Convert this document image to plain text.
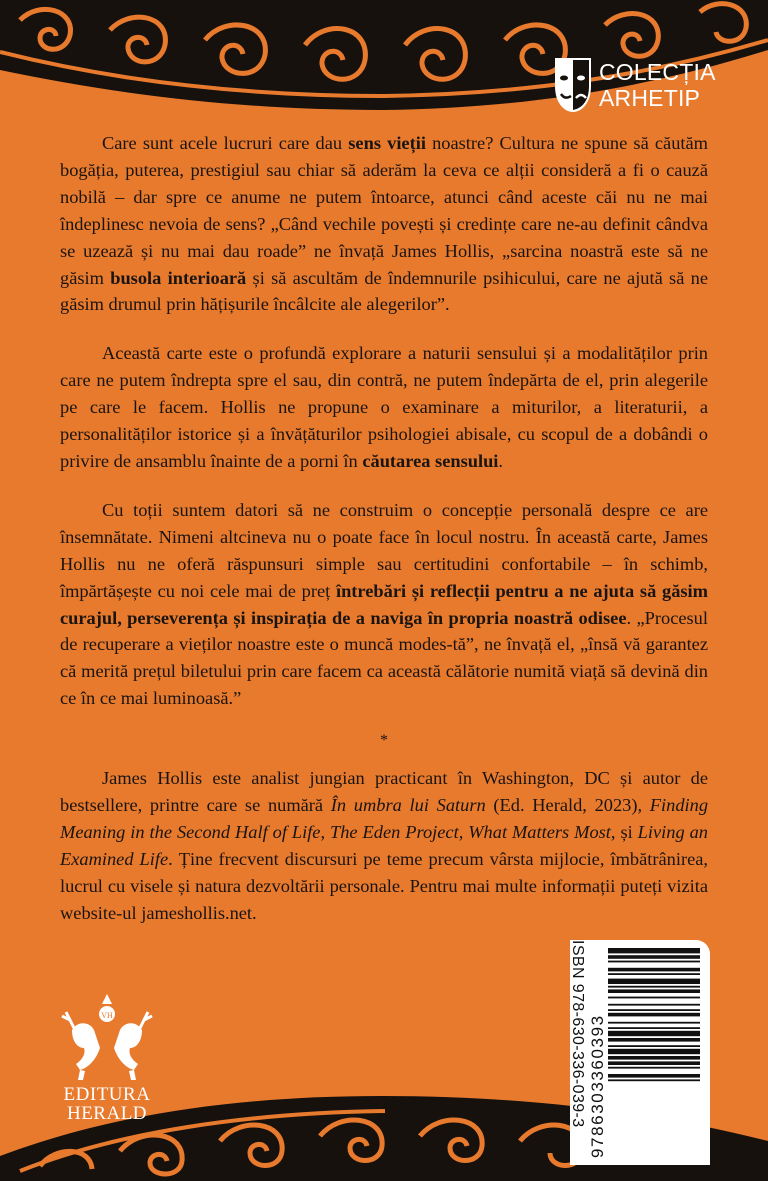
COLECȚIA
ARHETIP

Care sunt acele lucruri care dau sens vieții noastre? Cultura ne spune să căutăm bogăția, puterea, prestigiul sau chiar să aderăm la ceva ce alții consideră a fi o cauză nobilă – dar spre ce anume ne putem întoarce, atunci când aceste căi nu ne mai îndeplinesc nevoia de sens? „Când vechile povești și credințe care ne-au definit cândva se uzează și nu mai dau roade” ne învață James Hollis, „sarcina noastră este să ne găsim busola interioară și să ascultăm de îndemnurile psihicului, care ne ajută să ne găsim drumul prin hățișurile încâlcite ale alegerilor”.

Această carte este o profundă explorare a naturii sensului și a modalităților prin care ne putem îndrepta spre el sau, din contră, ne putem îndepărta de el, prin alegerile pe care le facem. Hollis ne propune o examinare a miturilor, a literaturii, a personalităților istorice și a învățăturilor psihologiei abisale, cu scopul de a dobândi o privire de ansamblu înainte de a porni în căutarea sensului.

Cu toții suntem datori să ne construim o concepție personală despre ce are însemnătate. Nimeni altcineva nu o poate face în locul nostru. În această carte, James Hollis nu ne oferă răspunsuri simple sau certitudini confortabile – în schimb, împărtășește cu noi cele mai de preț întrebări și reflecții pentru a ne ajuta să găsim curajul, perseverența și inspirația de a naviga în propria noastră odisee. „Procesul de recuperare a vieților noastre este o muncă modes-tă”, ne învață el, „însă vă garantez că merită prețul biletului prin care facem ca această călătorie numită viață să devină din ce în ce mai luminoasă.”

*

James Hollis este analist jungian practicant în Washington, DC și autor de bestsellere, printre care se numără În umbra lui Saturn (Ed. Herald, 2023), Finding Meaning in the Second Half of Life, The Eden Project, What Matters Most, și Living an Examined Life. Ține frecvent discursuri pe teme precum vârsta mijlocie, îmbătrânirea, lucrul cu visele și natura dezvoltării personale. Pentru mai multe informații puteți vizita website-ul jameshollis.net.

9786303360393
ISBN 978-630-336-039-3
VH
EDITURA
HERALD
